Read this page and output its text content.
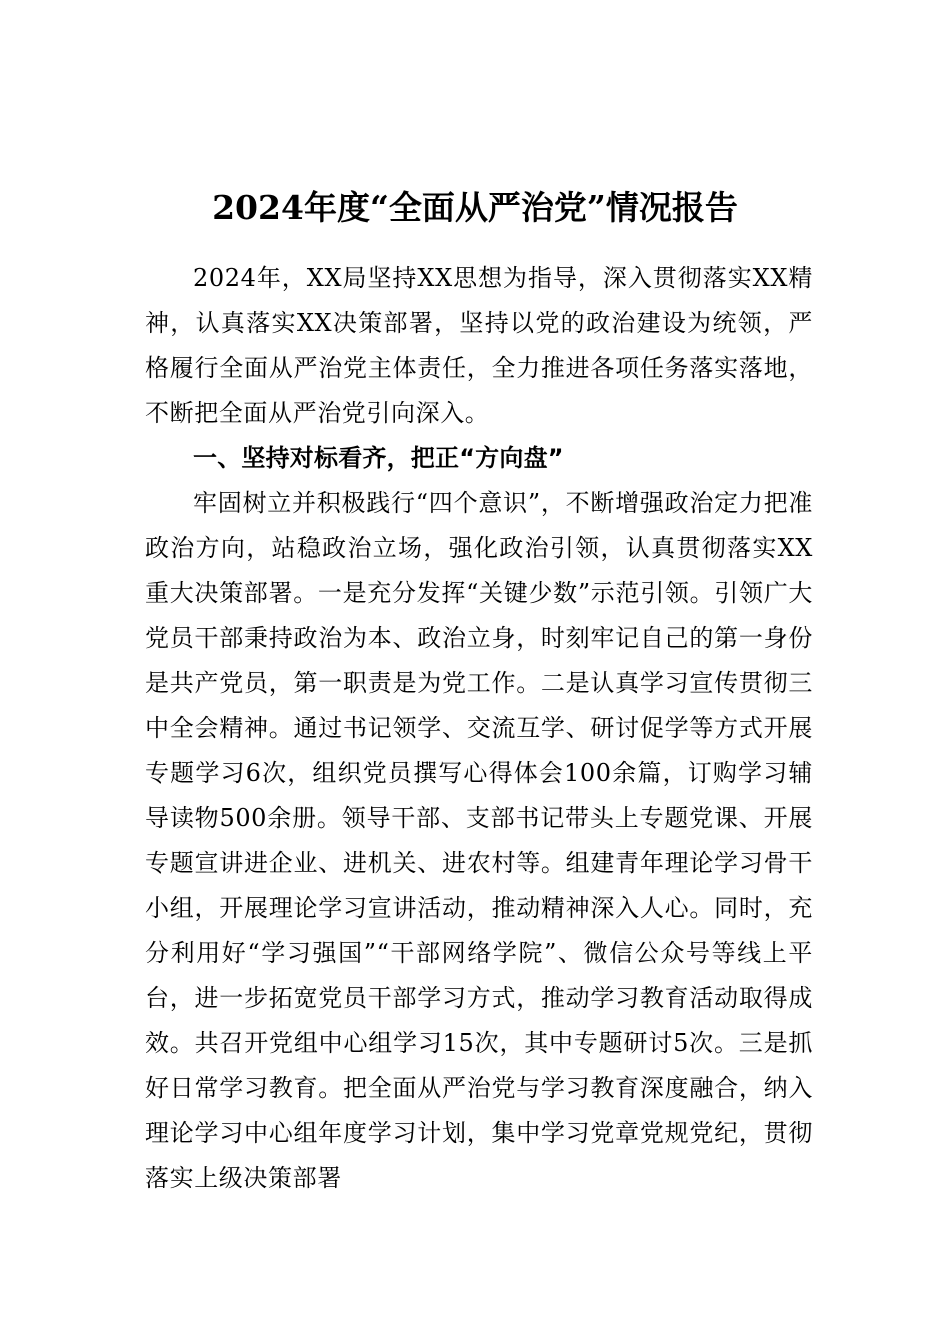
2024年度“全面从严治党”情况报告

2024年，XX局坚持XX思想为指导，深入贯彻落实XX精神，认真落实XX决策部署，坚持以党的政治建设为统领，严格履行全面从严治党主体责任，全力推进各项任务落实落地，不断把全面从严治党引向深入。

一、坚持对标看齐，把正“方向盘”

牢固树立并积极践行“四个意识”，不断增强政治定力把准政治方向，站稳政治立场，强化政治引领，认真贯彻落实XX重大决策部署。一是充分发挥“关键少数”示范引领。引领广大党员干部秉持政治为本、政治立身，时刻牢记自己的第一身份是共产党员，第一职责是为党工作。二是认真学习宣传贯彻三中全会精神。通过书记领学、交流互学、研讨促学等方式开展专题学习6次，组织党员撰写心得体会100余篇，订购学习辅导读物500余册。领导干部、支部书记带头上专题党课、开展专题宣讲进企业、进机关、进农村等。组建青年理论学习骨干小组，开展理论学习宣讲活动，推动精神深入人心。同时，充分利用好“学习强国”“干部网络学院”、微信公众号等线上平台，进一步拓宽党员干部学习方式，推动学习教育活动取得成效。共召开党组中心组学习15次，其中专题研讨5次。三是抓好日常学习教育。把全面从严治党与学习教育深度融合，纳入理论学习中心组年度学习计划，集中学习党章党规党纪，贯彻落实上级决策部署
